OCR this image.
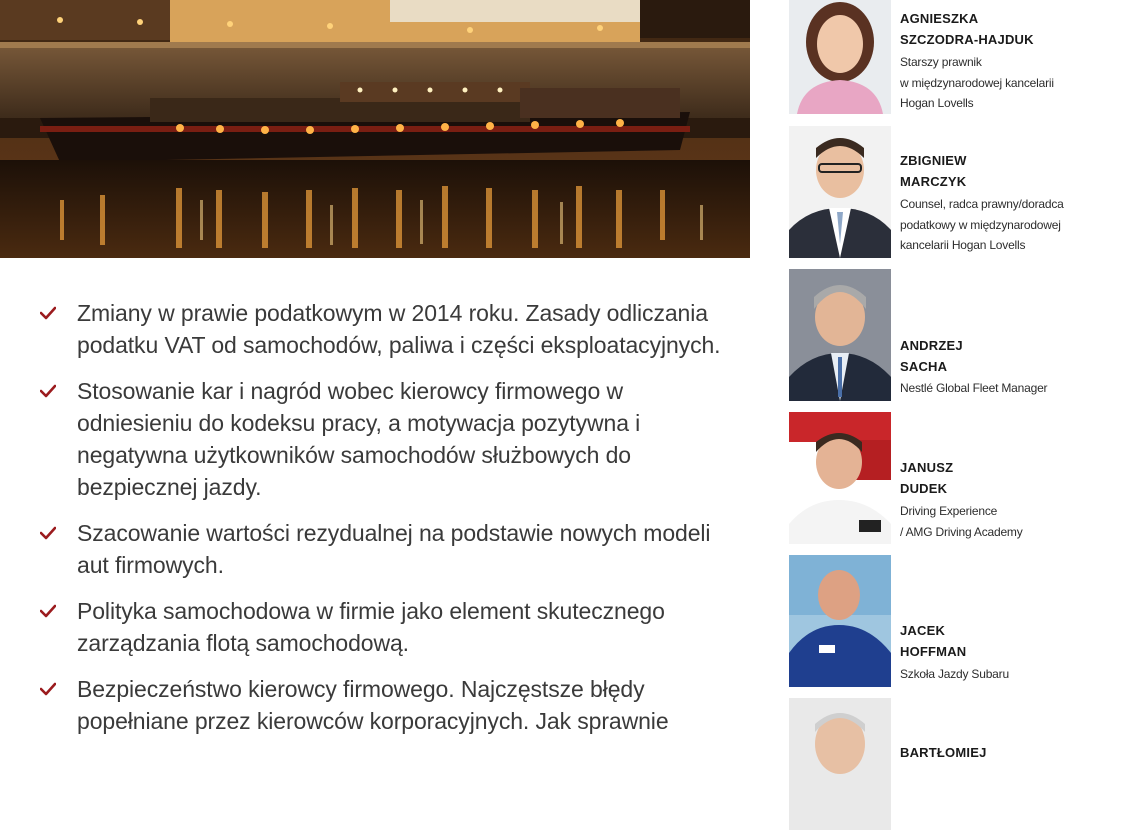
Zmiany w prawie podatkowym w 2014 roku. Zasady odliczania podatku VAT od samochodów, paliwa i części eksploatacyjnych.
Stosowanie kar i nagród wobec kierowcy firmowego w odniesieniu do kodeksu pracy, a motywacja pozytywna i negatywna użytkowników samochodów służbowych do bezpiecznej jazdy.
Szacowanie wartości rezydualnej na podstawie nowych modeli aut firmowych.
Polityka samochodowa w firmie jako element skutecznego zarządzania flotą samochodową.
Bezpieczeństwo kierowcy firmowego. Najczęstsze błędy popełniane przez kierowców korporacyjnych. Jak sprawnie
AGNIESZKA
SZCZODRA-HAJDUK
Starszy prawnik
w międzynarodowej kancelarii
Hogan Lovells
ZBIGNIEW
MARCZYK
Counsel, radca prawny/doradca
podatkowy w międzynarodowej
kancelarii Hogan Lovells
ANDRZEJ
SACHA
Nestlé Global Fleet Manager
JANUSZ
DUDEK
Driving Experience
/ AMG Driving Academy
JACEK
HOFFMAN
Szkoła Jazdy Subaru
BARTŁOMIEJ
